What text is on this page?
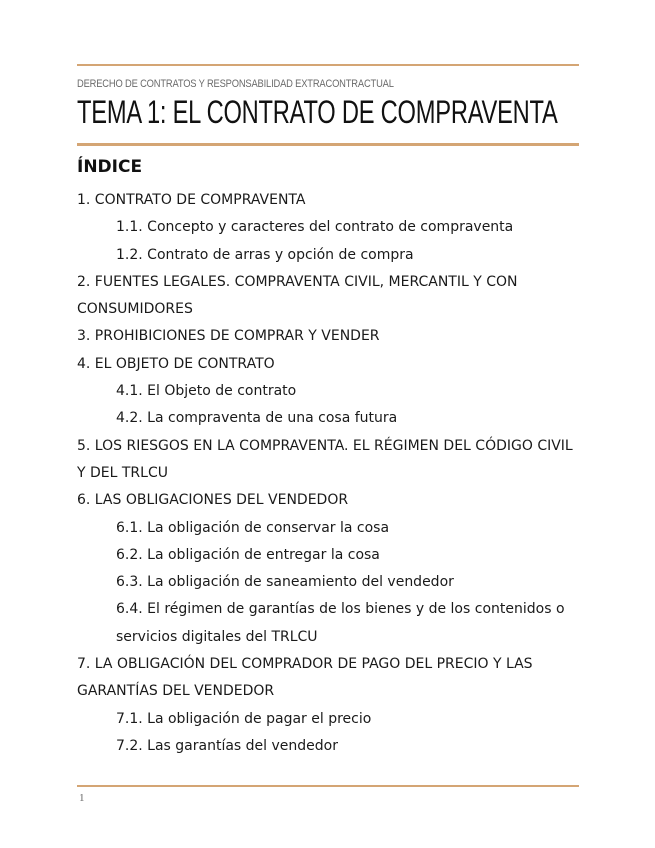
DERECHO DE CONTRATOS Y RESPONSABILIDAD EXTRACONTRACTUAL
TEMA 1: EL CONTRATO DE COMPRAVENTA
ÍNDICE
1. CONTRATO DE COMPRAVENTA
1.1. Concepto y caracteres del contrato de compraventa
1.2. Contrato de arras y opción de compra
2. FUENTES LEGALES. COMPRAVENTA CIVIL, MERCANTIL Y CON CONSUMIDORES
3. PROHIBICIONES DE COMPRAR Y VENDER
4. EL OBJETO DE CONTRATO
4.1. El Objeto de contrato
4.2. La compraventa de una cosa futura
5. LOS RIESGOS EN LA COMPRAVENTA. EL RÉGIMEN DEL CÓDIGO CIVIL Y DEL TRLCU
6. LAS OBLIGACIONES DEL VENDEDOR
6.1. La obligación de conservar la cosa
6.2. La obligación de entregar la cosa
6.3. La obligación de saneamiento del vendedor
6.4. El régimen de garantías de los bienes y de los contenidos o servicios digitales del TRLCU
7. LA OBLIGACIÓN DEL COMPRADOR DE PAGO DEL PRECIO Y LAS GARANTÍAS DEL VENDEDOR
7.1. La obligación de pagar el precio
7.2. Las garantías del vendedor
1
